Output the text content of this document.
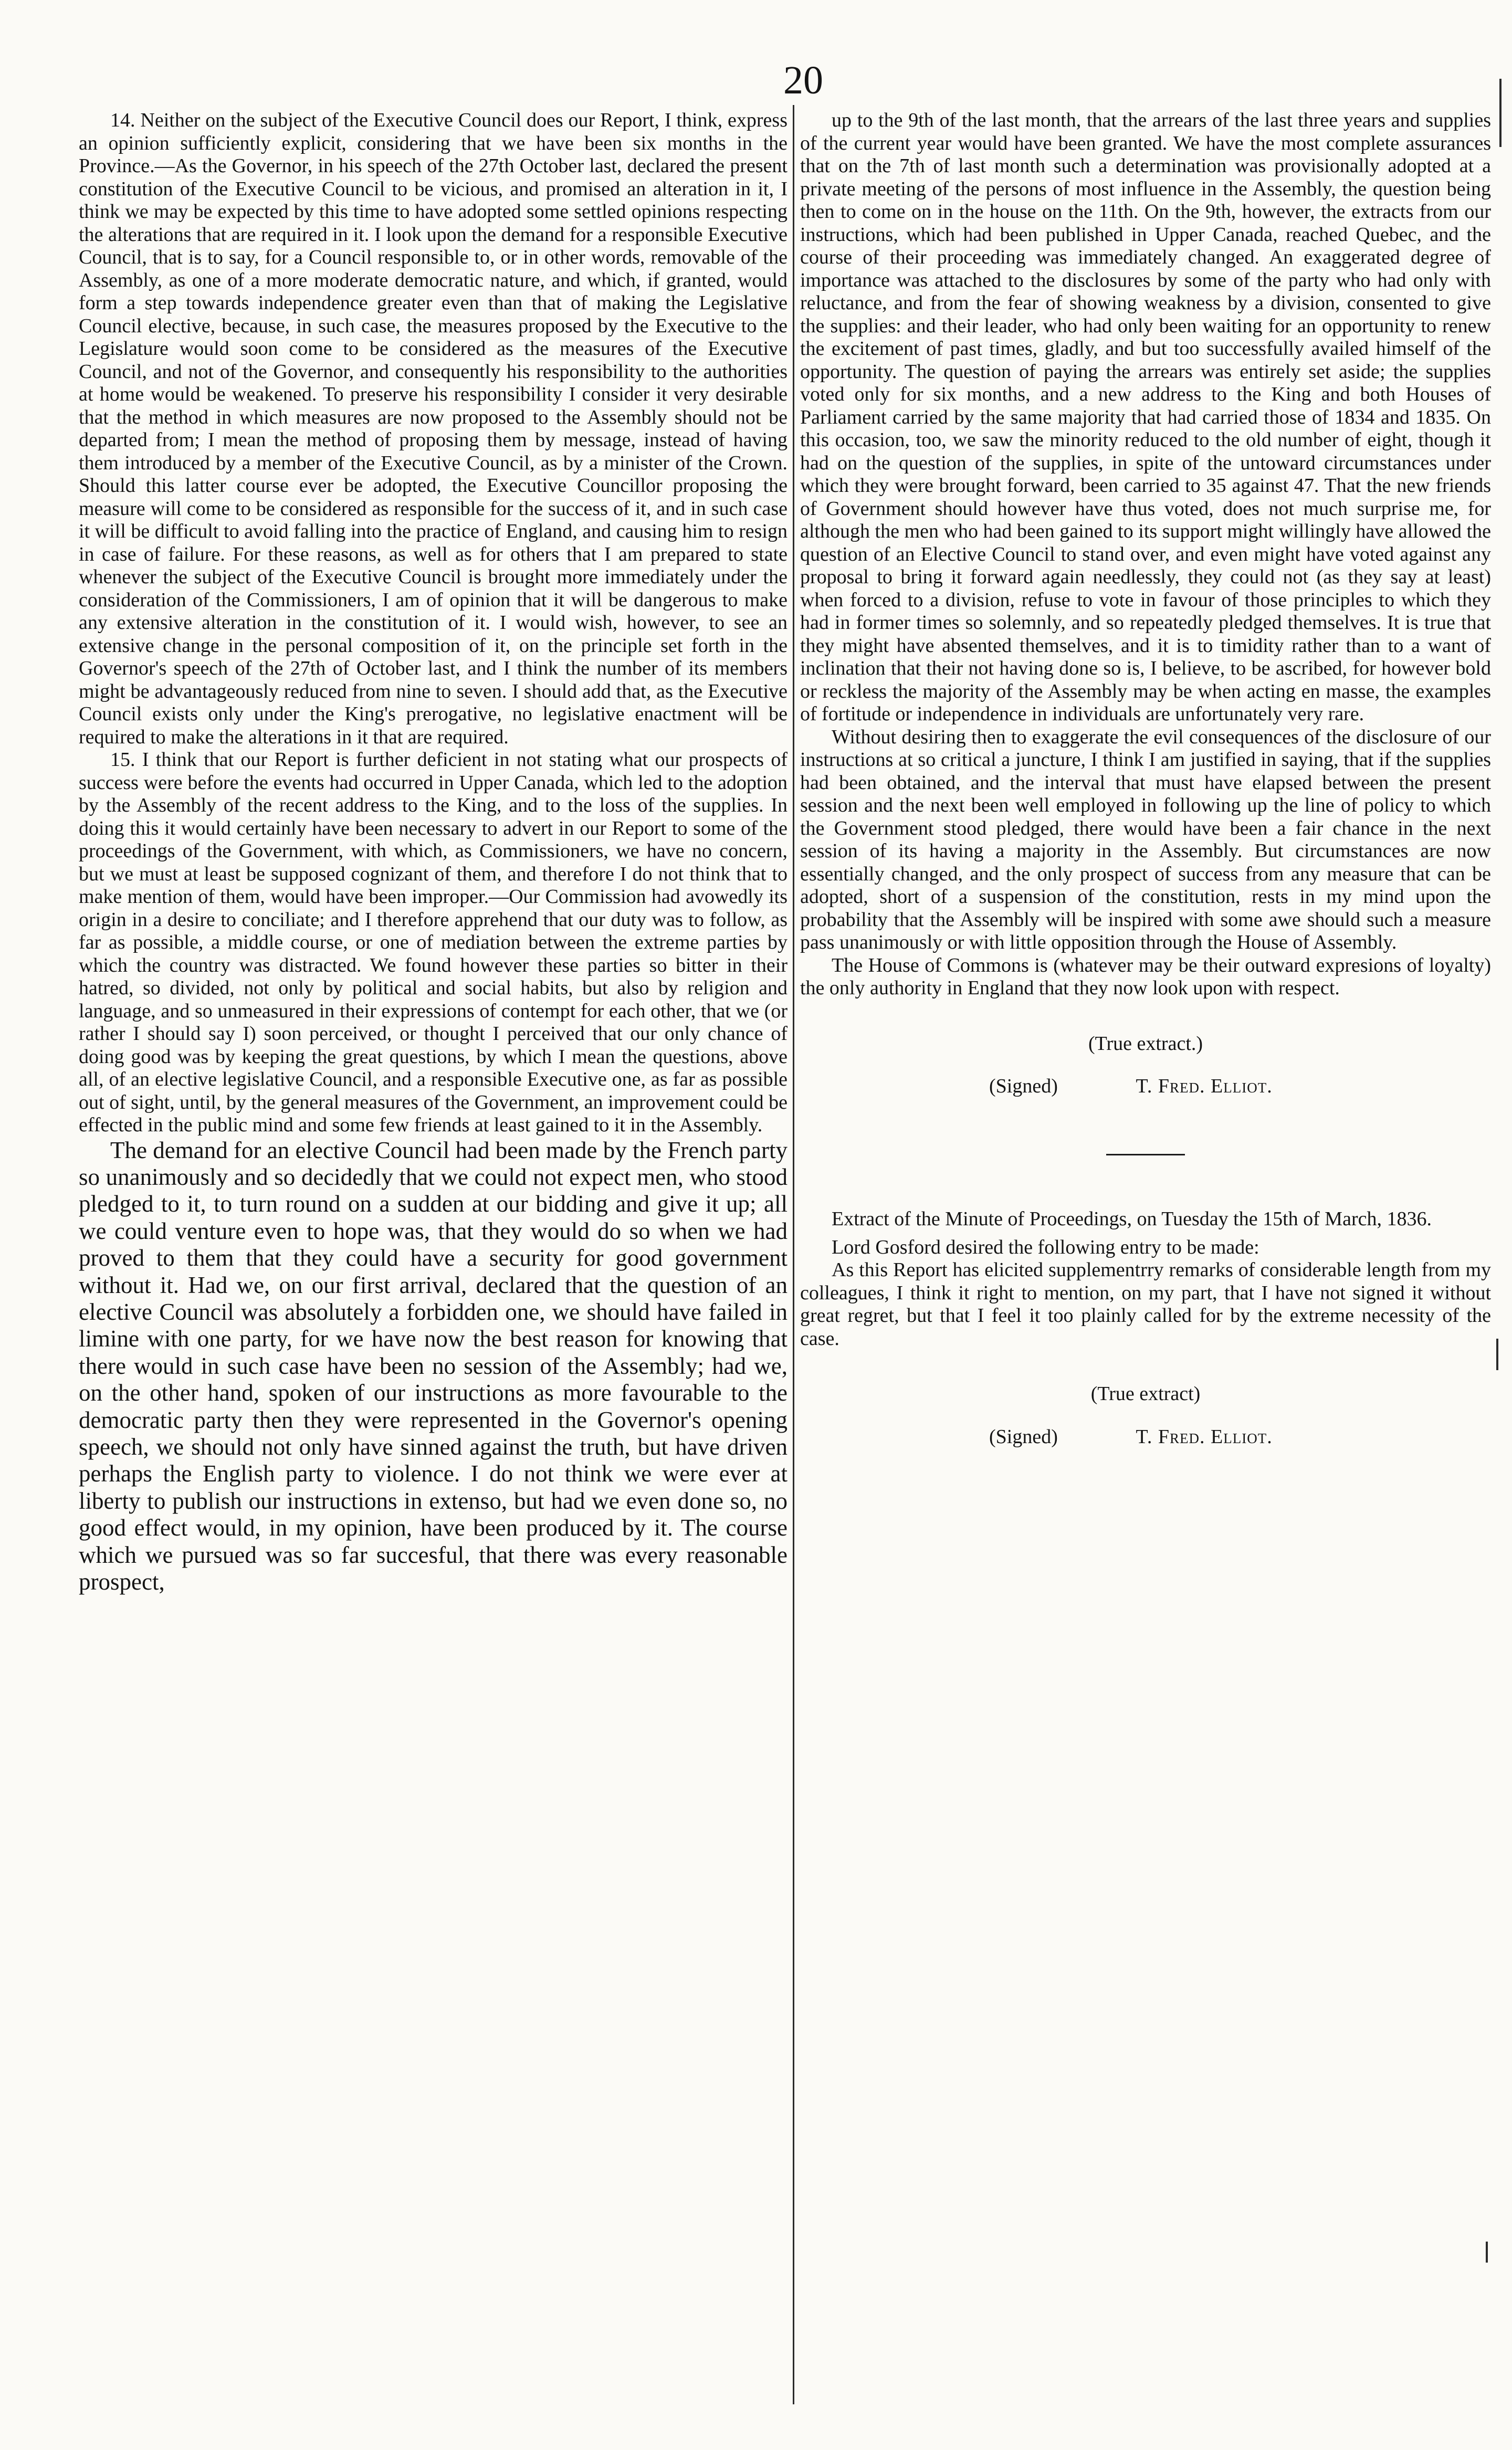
20

14. Neither on the subject of the Executive Council does our Report, I think, express an opinion sufficiently explicit, considering that we have been six months in the Province.—As the Governor, in his speech of the 27th October last, declared the present constitution of the Executive Council to be vicious, and promised an alteration in it, I think we may be expected by this time to have adopted some settled opinions respecting the alterations that are required in it. I look upon the demand for a responsible Executive Council, that is to say, for a Council responsible to, or in other words, removable of the Assembly, as one of a more moderate democratic nature, and which, if granted, would form a step towards independence greater even than that of making the Legislative Council elective, because, in such case, the measures proposed by the Executive to the Legislature would soon come to be considered as the measures of the Executive Council, and not of the Governor, and consequently his responsibility to the authorities at home would be weakened. To preserve his responsibility I consider it very desirable that the method in which measures are now proposed to the Assembly should not be departed from; I mean the method of proposing them by message, instead of having them introduced by a member of the Executive Council, as by a minister of the Crown. Should this latter course ever be adopted, the Executive Councillor proposing the measure will come to be considered as responsible for the success of it, and in such case it will be difficult to avoid falling into the practice of England, and causing him to resign in case of failure. For these reasons, as well as for others that I am prepared to state whenever the subject of the Executive Council is brought more immediately under the consideration of the Commissioners, I am of opinion that it will be dangerous to make any extensive alteration in the constitution of it. I would wish, however, to see an extensive change in the personal composition of it, on the principle set forth in the Governor's speech of the 27th of October last, and I think the number of its members might be advantageously reduced from nine to seven. I should add that, as the Executive Council exists only under the King's prerogative, no legislative enactment will be required to make the alterations in it that are required.

15. I think that our Report is further deficient in not stating what our prospects of success were before the events had occurred in Upper Canada, which led to the adoption by the Assembly of the recent address to the King, and to the loss of the supplies. In doing this it would certainly have been necessary to advert in our Report to some of the proceedings of the Government, with which, as Commissioners, we have no concern, but we must at least be supposed cognizant of them, and therefore I do not think that to make mention of them, would have been improper.—Our Commission had avowedly its origin in a desire to conciliate; and I therefore apprehend that our duty was to follow, as far as possible, a middle course, or one of mediation between the extreme parties by which the country was distracted. We found however these parties so bitter in their hatred, so divided, not only by political and social habits, but also by religion and language, and so unmeasured in their expressions of contempt for each other, that we (or rather I should say I) soon perceived, or thought I perceived that our only chance of doing good was by keeping the great questions, by which I mean the questions, above all, of an elective legislative Council, and a responsible Executive one, as far as possible out of sight, until, by the general measures of the Government, an improvement could be effected in the public mind and some few friends at least gained to it in the Assembly.

The demand for an elective Council had been made by the French party so unanimously and so decidedly that we could not expect men, who stood pledged to it, to turn round on a sudden at our bidding and give it up; all we could venture even to hope was, that they would do so when we had proved to them that they could have a security for good government without it. Had we, on our first arrival, declared that the question of an elective Council was absolutely a forbidden one, we should have failed in limine with one party, for we have now the best reason for knowing that there would in such case have been no session of the Assembly; had we, on the other hand, spoken of our instructions as more favourable to the democratic party then they were represented in the Governor's opening speech, we should not only have sinned against the truth, but have driven perhaps the English party to violence. I do not think we were ever at liberty to publish our instructions in extenso, but had we even done so, no good effect would, in my opinion, have been produced by it. The course which we pursued was so far succesful, that there was every reasonable prospect,

up to the 9th of the last month, that the arrears of the last three years and supplies of the current year would have been granted. We have the most complete assurances that on the 7th of last month such a determination was provisionally adopted at a private meeting of the persons of most influence in the Assembly, the question being then to come on in the house on the 11th. On the 9th, however, the extracts from our instructions, which had been published in Upper Canada, reached Quebec, and the course of their proceeding was immediately changed. An exaggerated degree of importance was attached to the disclosures by some of the party who had only with reluctance, and from the fear of showing weakness by a division, consented to give the supplies: and their leader, who had only been waiting for an opportunity to renew the excitement of past times, gladly, and but too successfully availed himself of the opportunity. The question of paying the arrears was entirely set aside; the supplies voted only for six months, and a new address to the King and both Houses of Parliament carried by the same majority that had carried those of 1834 and 1835. On this occasion, too, we saw the minority reduced to the old number of eight, though it had on the question of the supplies, in spite of the untoward circumstances under which they were brought forward, been carried to 35 against 47. That the new friends of Government should however have thus voted, does not much surprise me, for although the men who had been gained to its support might willingly have allowed the question of an Elective Council to stand over, and even might have voted against any proposal to bring it forward again needlessly, they could not (as they say at least) when forced to a division, refuse to vote in favour of those principles to which they had in former times so solemnly, and so repeatedly pledged themselves. It is true that they might have absented themselves, and it is to timidity rather than to a want of inclination that their not having done so is, I believe, to be ascribed, for however bold or reckless the majority of the Assembly may be when acting en masse, the examples of fortitude or independence in individuals are unfortunately very rare.

Without desiring then to exaggerate the evil consequences of the disclosure of our instructions at so critical a juncture, I think I am justified in saying, that if the supplies had been obtained, and the interval that must have elapsed between the present session and the next been well employed in following up the line of policy to which the Government stood pledged, there would have been a fair chance in the next session of its having a majority in the Assembly. But circumstances are now essentially changed, and the only prospect of success from any measure that can be adopted, short of a suspension of the constitution, rests in my mind upon the probability that the Assembly will be inspired with some awe should such a measure pass unanimously or with little opposition through the House of Assembly.

The House of Commons is (whatever may be their outward expresions of loyalty) the only authority in England that they now look upon with respect.

(True extract.)
(Signed)	T. Fred. Elliot.

Extract of the Minute of Proceedings, on Tuesday the 15th of March, 1836.

Lord Gosford desired the following entry to be made:

As this Report has elicited supplementrry remarks of considerable length from my colleagues, I think it right to mention, on my part, that I have not signed it without great regret, but that I feel it too plainly called for by the extreme necessity of the case.

(True extract)
(Signed)	T. Fred. Elliot.
